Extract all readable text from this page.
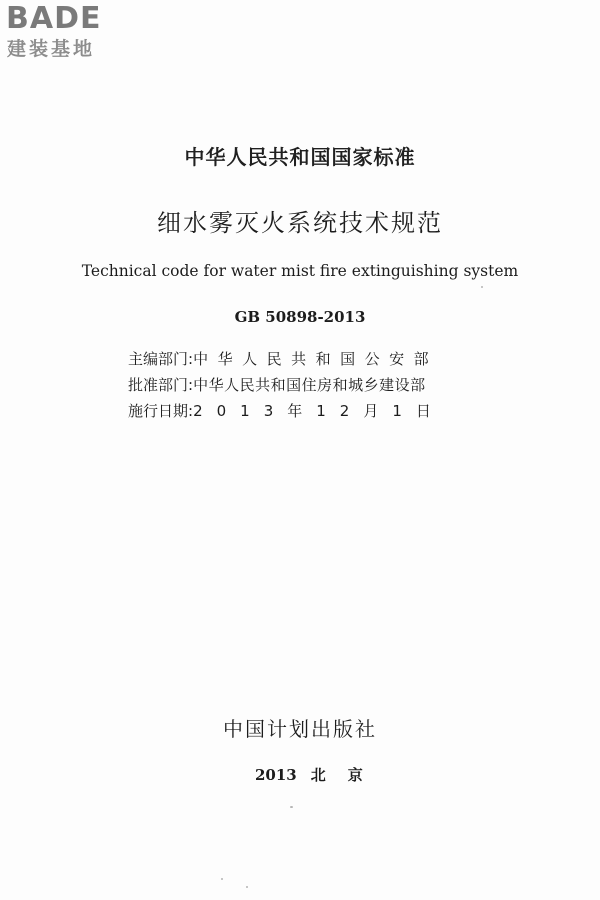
BADE
建装基地
中华人民共和国国家标准
细水雾灭火系统技术规范
Technical code for water mist fire extinguishing system
GB 50898-2013
主编部门:中华人民共和国公安部
批准部门:中华人民共和国住房和城乡建设部
施行日期:2013年12月1日
中国计划出版社
2013 北京
